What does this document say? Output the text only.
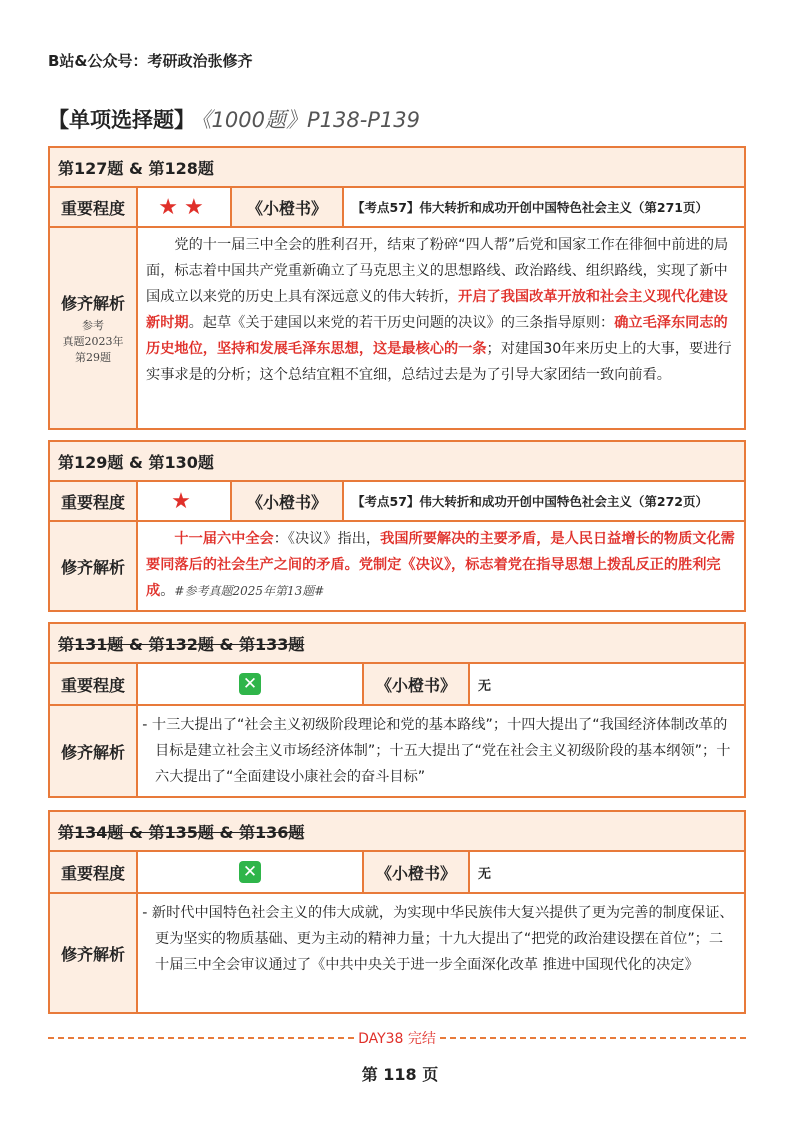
B站&公众号：考研政治张修齐
【单项选择题】 《1000题》P138-P139
第127题 & 第128题
重要程度	★★	《小橙书》	【考点57】伟大转折和成功开创中国特色社会主义（第271页）
修齐解析
参考
真题2023年
第29题
党的十一届三中全会的胜利召开，结束了粉碎“四人帮”后党和国家工作在徘徊中前进的局面，标志着中国共产党重新确立了马克思主义的思想路线、政治路线、组织路线，实现了新中国成立以来党的历史上具有深远意义的伟大转折，开启了我国改革开放和社会主义现代化建设新时期。起草《关于建国以来党的若干历史问题的决议》的三条指导原则：确立毛泽东同志的历史地位，坚持和发展毛泽东思想，这是最核心的一条；对建国30年来历史上的大事，要进行实事求是的分析；这个总结宜粗不宜细，总结过去是为了引导大家团结一致向前看。
第129题 & 第130题
重要程度	★	《小橙书》	【考点57】伟大转折和成功开创中国特色社会主义（第272页）
修齐解析
十一届六中全会：《决议》指出，我国所要解决的主要矛盾，是人民日益增长的物质文化需要同落后的社会生产之间的矛盾。党制定《决议》，标志着党在指导思想上拨乱反正的胜利完成。#参考真题2025年第13题#
第131题 & 第132题 & 第133题
重要程度	✕	《小橙书》	无
修齐解析
- 十三大提出了“社会主义初级阶段理论和党的基本路线”；十四大提出了“我国经济体制改革的目标是建立社会主义市场经济体制”；十五大提出了“党在社会主义初级阶段的基本纲领”；十六大提出了“全面建设小康社会的奋斗目标”
第134题 & 第135题 & 第136题
重要程度	✕	《小橙书》	无
修齐解析
- 新时代中国特色社会主义的伟大成就，为实现中华民族伟大复兴提供了更为完善的制度保证、更为坚实的物质基础、更为主动的精神力量；十九大提出了“把党的政治建设摆在首位”；二十届三中全会审议通过了《中共中央关于进一步全面深化改革 推进中国现代化的决定》
DAY38 完结
第 118 页
